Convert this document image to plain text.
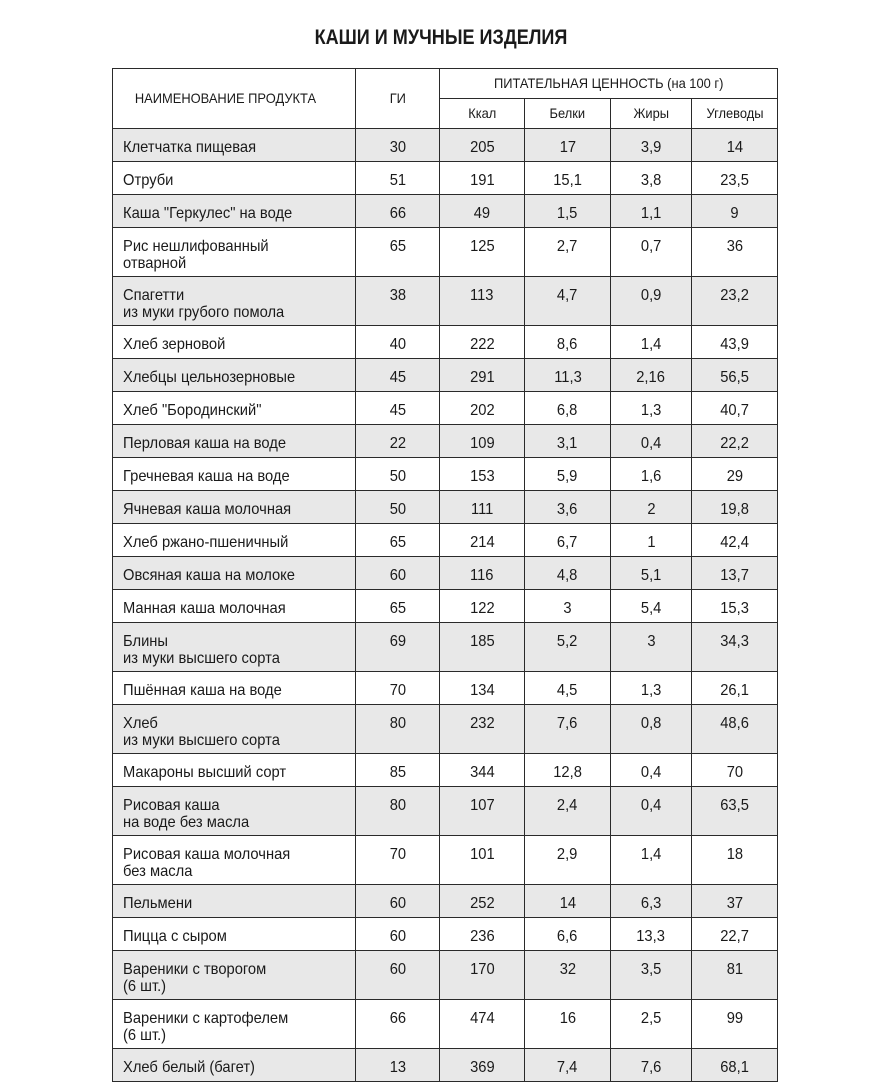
КАШИ И МУЧНЫЕ ИЗДЕЛИЯ
НАИМЕНОВАНИЕ ПРОДУКТА	ГИ	ПИТАТЕЛЬНАЯ ЦЕННОСТЬ (на 100 г)			
		Ккал	Белки	Жиры	Углеводы
Клетчатка пищевая	30	205	17	3,9	14
Отруби	51	191	15,1	3,8	23,5
Каша "Геркулес" на воде	66	49	1,5	1,1	9
Рис нешлифованный
отварной	65	125	2,7	0,7	36
Спагетти
из муки грубого помола	38	113	4,7	0,9	23,2
Хлеб зерновой	40	222	8,6	1,4	43,9
Хлебцы цельнозерновые	45	291	11,3	2,16	56,5
Хлеб "Бородинский"	45	202	6,8	1,3	40,7
Перловая каша на воде	22	109	3,1	0,4	22,2
Гречневая каша на воде	50	153	5,9	1,6	29
Ячневая каша молочная	50	111	3,6	2	19,8
Хлеб ржано-пшеничный	65	214	6,7	1	42,4
Овсяная каша на молоке	60	116	4,8	5,1	13,7
Манная каша молочная	65	122	3	5,4	15,3
Блины
из муки высшего сорта	69	185	5,2	3	34,3
Пшённая каша на воде	70	134	4,5	1,3	26,1
Хлеб
из муки высшего сорта	80	232	7,6	0,8	48,6
Макароны высший сорт	85	344	12,8	0,4	70
Рисовая каша
на воде без масла	80	107	2,4	0,4	63,5
Рисовая каша молочная
без масла	70	101	2,9	1,4	18
Пельмени	60	252	14	6,3	37
Пицца с сыром	60	236	6,6	13,3	22,7
Вареники с творогом
(6 шт.)	60	170	32	3,5	81
Вареники с картофелем
(6 шт.)	66	474	16	2,5	99
Хлеб белый (багет)	13	369	7,4	7,6	68,1
